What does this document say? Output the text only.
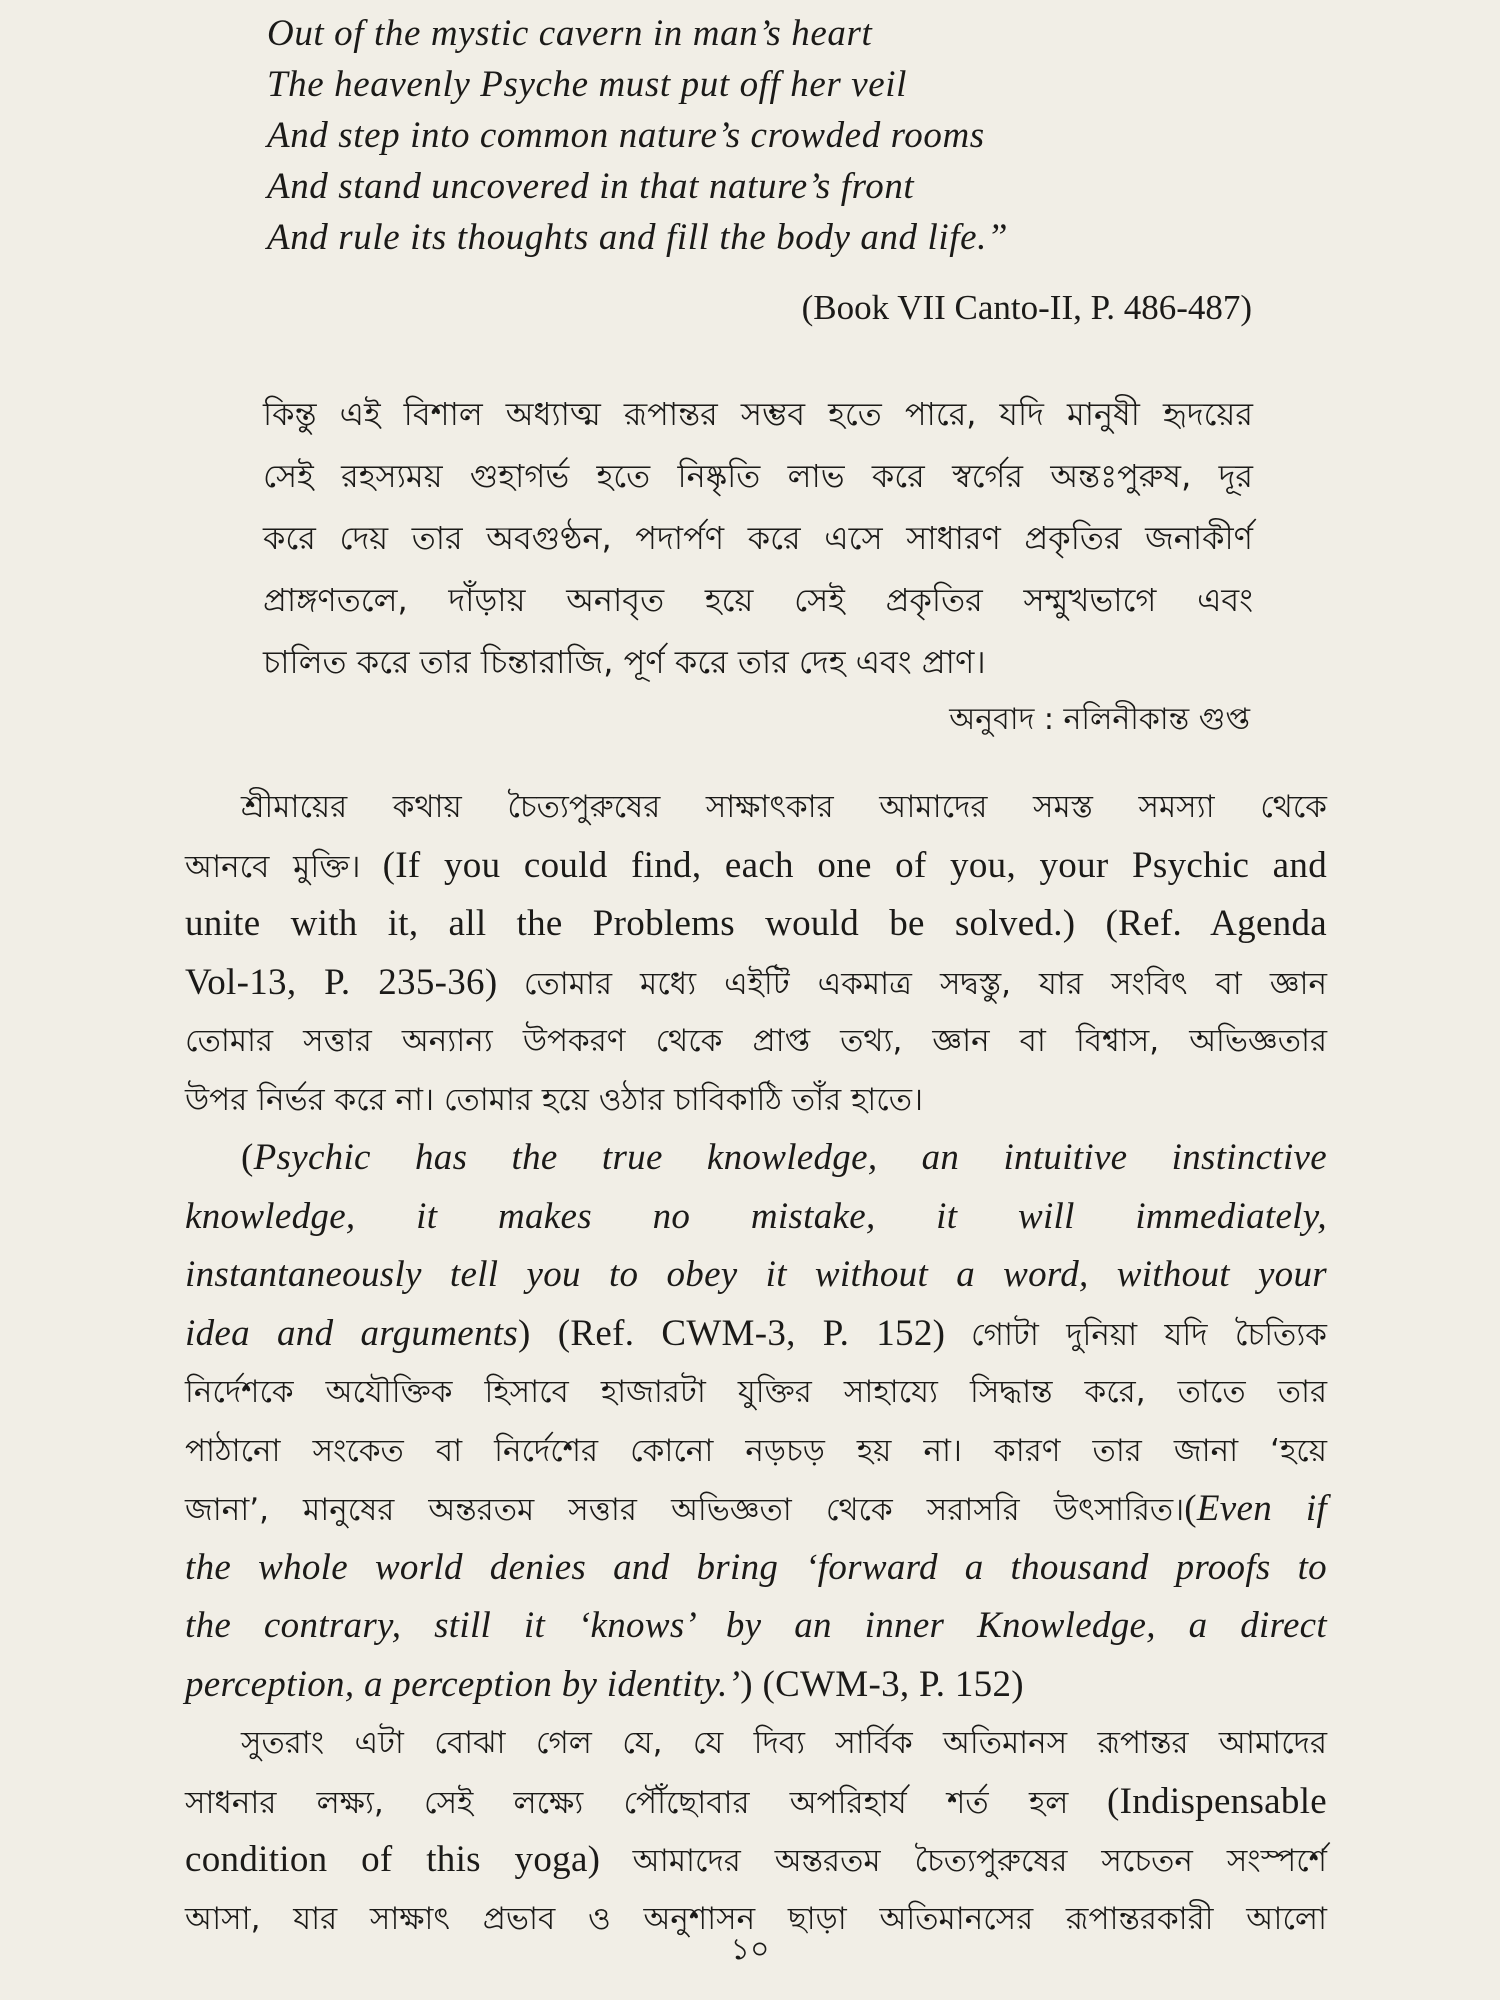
Out of the mystic cavern in man’s heart
The heavenly Psyche must put off her veil
And step into common nature’s crowded rooms
And stand uncovered in that nature’s front
And rule its thoughts and fill the body and life.”
(Book VII Canto-II, P. 486-487)
কিন্তু এই বিশাল অধ্যাত্ম রূপান্তর সম্ভব হতে পারে, যদি মানুষী হৃদয়ের
সেই রহস্যময় গুহাগর্ভ হতে নিষ্কৃতি লাভ করে স্বর্গের অন্তঃপুরুষ, দূর
করে দেয় তার অবগুণ্ঠন, পদার্পণ করে এসে সাধারণ প্রকৃতির জনাকীর্ণ
প্রাঙ্গণতলে, দাঁড়ায় অনাবৃত হয়ে সেই প্রকৃতির সম্মুখভাগে এবং
চালিত করে তার চিন্তারাজি, পূর্ণ করে তার দেহ এবং প্রাণ।
অনুবাদ : নলিনীকান্ত গুপ্ত
শ্রীমায়ের কথায় চৈত্যপুরুষের সাক্ষাৎকার আমাদের সমস্ত সমস্যা থেকে
আনবে মুক্তি। (If you could find, each one of you, your Psychic and
unite with it, all the Problems would be solved.) (Ref. Agenda
Vol-13, P. 235-36) তোমার মধ্যে এইটি একমাত্র সদ্বস্তু, যার সংবিৎ বা জ্ঞান
তোমার সত্তার অন্যান্য উপকরণ থেকে প্রাপ্ত তথ্য, জ্ঞান বা বিশ্বাস, অভিজ্ঞতার
উপর নির্ভর করে না। তোমার হয়ে ওঠার চাবিকাঠি তাঁর হাতে।
(Psychic has the true knowledge, an intuitive instinctive
knowledge, it makes no mistake, it will immediately,
instantaneously tell you to obey it without a word, without your
idea and arguments) (Ref. CWM-3, P. 152) গোটা দুনিয়া যদি চৈত্যিক
নির্দেশকে অযৌক্তিক হিসাবে হাজারটা যুক্তির সাহায্যে সিদ্ধান্ত করে, তাতে তার
পাঠানো সংকেত বা নির্দেশের কোনো নড়চড় হয় না। কারণ তার জানা ‘হয়ে
জানা’, মানুষের অন্তরতম সত্তার অভিজ্ঞতা থেকে সরাসরি উৎসারিত।(Even if
the whole world denies and bring ‘forward a thousand proofs to
the contrary, still it ‘knows’ by an inner Knowledge, a direct
perception, a perception by identity.’) (CWM-3, P. 152)
সুতরাং এটা বোঝা গেল যে, যে দিব্য সার্বিক অতিমানস রূপান্তর আমাদের
সাধনার লক্ষ্য, সেই লক্ষ্যে পৌঁছোবার অপরিহার্য শর্ত হল (Indispensable
condition of this yoga) আমাদের অন্তরতম চৈত্যপুরুষের সচেতন সংস্পর্শে
আসা, যার সাক্ষাৎ প্রভাব ও অনুশাসন ছাড়া অতিমানসের রূপান্তরকারী আলো
১০
